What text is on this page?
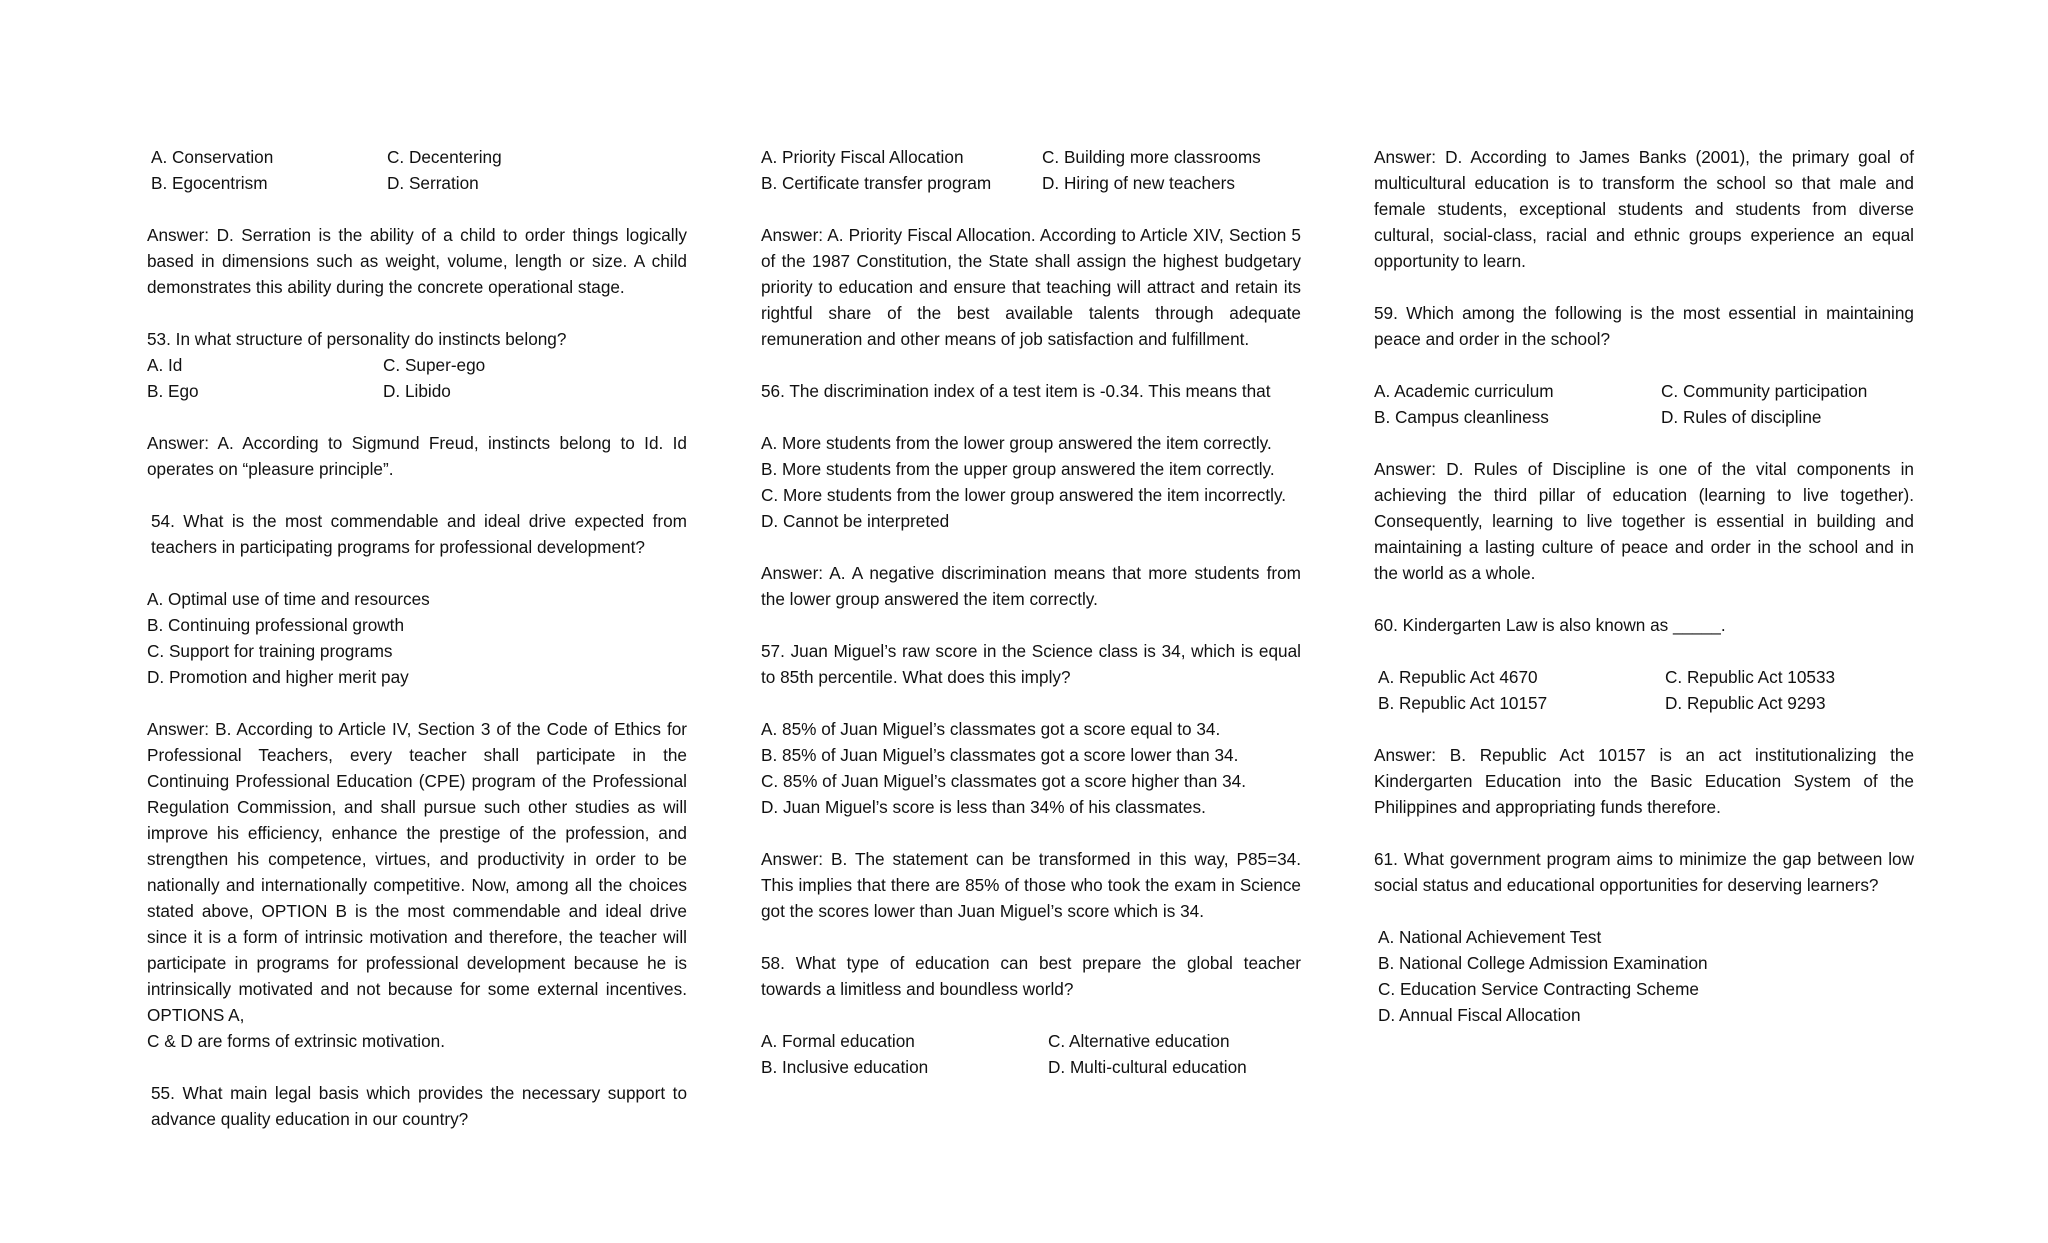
A. Conservation	C. Decentering
B. Egocentrism	D. Serration

Answer: D. Serration is the ability of a child to order things logically based in dimensions such as weight, volume, length or size. A child demonstrates this ability during the concrete operational stage.

53. In what structure of personality do instincts belong?

A. Id	C. Super-ego
B. Ego	D. Libido

Answer: A. According to Sigmund Freud, instincts belong to Id. Id operates on “pleasure principle”.

54. What is the most commendable and ideal drive expected from teachers in participating programs for professional development?

A. Optimal use of time and resources

B. Continuing professional growth

C. Support for training programs

D. Promotion and higher merit pay

Answer: B. According to Article IV, Section 3 of the Code of Ethics for Professional Teachers, every teacher shall participate in the Continuing Professional Education (CPE) program of the Professional Regulation Commission, and shall pursue such other studies as will improve his efficiency, enhance the prestige of the profession, and strengthen his competence, virtues, and productivity in order to be nationally and internationally competitive. Now, among all the choices stated above, OPTION B is the most commendable and ideal drive since it is a form of intrinsic motivation and therefore, the teacher will participate in programs for professional development because he is intrinsically motivated and not because for some external incentives. OPTIONS A,

C & D are forms of extrinsic motivation.

55. What main legal basis which provides the necessary support to advance quality education in our country?

A. Priority Fiscal Allocation	C. Building more classrooms
B. Certificate transfer program	D. Hiring of new teachers

Answer: A. Priority Fiscal Allocation. According to Article XIV, Section 5 of the 1987 Constitution, the State shall assign the highest budgetary priority to education and ensure that teaching will attract and retain its rightful share of the best available talents through adequate remuneration and other means of job satisfaction and fulfillment.

56. The discrimination index of a test item is -0.34. This means that

A. More students from the lower group answered the item correctly.

B. More students from the upper group answered the item correctly.

C. More students from the lower group answered the item incorrectly.

D. Cannot be interpreted

Answer: A. A negative discrimination means that more students from the lower group answered the item correctly.

57. Juan Miguel’s raw score in the Science class is 34, which is equal to 85th percentile. What does this imply?

A. 85% of Juan Miguel’s classmates got a score equal to 34.

B. 85% of Juan Miguel’s classmates got a score lower than 34.

C. 85% of Juan Miguel’s classmates got a score higher than 34.

D. Juan Miguel’s score is less than 34% of his classmates.

Answer: B. The statement can be transformed in this way, P85=34. This implies that there are 85% of those who took the exam in Science got the scores lower than Juan Miguel’s score which is 34.

58. What type of education can best prepare the global teacher towards a limitless and boundless world?

A. Formal education	C. Alternative education
B. Inclusive education	D. Multi-cultural education

Answer: D. According to James Banks (2001), the primary goal of multicultural education is to transform the school so that male and female students, exceptional students and students from diverse cultural, social-class, racial and ethnic groups experience an equal opportunity to learn.

59. Which among the following is the most essential in maintaining peace and order in the school?

A. Academic curriculum	C. Community participation
B. Campus cleanliness	D. Rules of discipline

Answer: D. Rules of Discipline is one of the vital components in achieving the third pillar of education (learning to live together). Consequently, learning to live together is essential in building and maintaining a lasting culture of peace and order in the school and in the world as a whole.

60. Kindergarten Law is also known as _____.

A. Republic Act 4670	C. Republic Act 10533
B. Republic Act 10157	D. Republic Act 9293

Answer: B. Republic Act 10157 is an act institutionalizing the Kindergarten Education into the Basic Education System of the Philippines and appropriating funds therefore.

61. What government program aims to minimize the gap between low social status and educational opportunities for deserving learners?

A. National Achievement Test

B. National College Admission Examination

C. Education Service Contracting Scheme

D. Annual Fiscal Allocation
